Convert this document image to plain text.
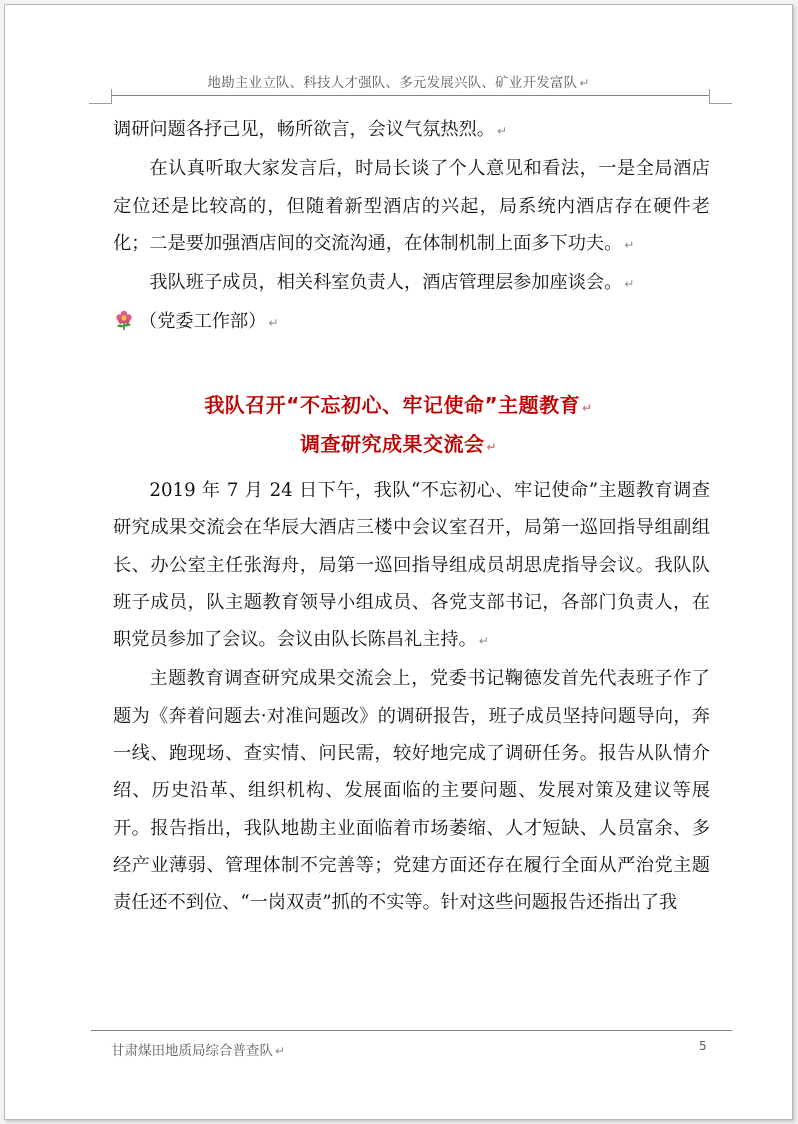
地勘主业立队、科技人才强队、多元发展兴队、矿业开发富队 ↵

调研问题各抒己见，畅所欲言，会议气氛热烈。 ↵

在认真听取大家发言后，时局长谈了个人意见和看法，一是全局酒店定位还是比较高的，但随着新型酒店的兴起，局系统内酒店存在硬件老化；二是要加强酒店间的交流沟通，在体制机制上面多下功夫。 ↵

我队班子成员，相关科室负责人，酒店管理层参加座谈会。 ↵

（党委工作部） ↵

我队召开“不忘初心、牢记使命”主题教育 ↵
调查研究成果交流会 ↵

2019 年 7 月 24 日下午，我队“不忘初心、牢记使命”主题教育调查研究成果交流会在华辰大酒店三楼中会议室召开，局第一巡回指导组副组长、办公室主任张海舟，局第一巡回指导组成员胡思虎指导会议。我队队班子成员，队主题教育领导小组成员、各党支部书记，各部门负责人，在职党员参加了会议。会议由队长陈昌礼主持。 ↵

主题教育调查研究成果交流会上，党委书记鞠德发首先代表班子作了题为《奔着问题去·对准问题改》的调研报告，班子成员坚持问题导向，奔一线、跑现场、查实情、问民需，较好地完成了调研任务。报告从队情介绍、历史沿革、组织机构、发展面临的主要问题、发展对策及建议等展开。报告指出，我队地勘主业面临着市场萎缩、人才短缺、人员富余、多经产业薄弱、管理体制不完善等；党建方面还存在履行全面从严治党主题责任还不到位、“一岗双责”抓的不实等。针对这些问题报告还指出了我

甘肃煤田地质局综合普查队 ↵	5
